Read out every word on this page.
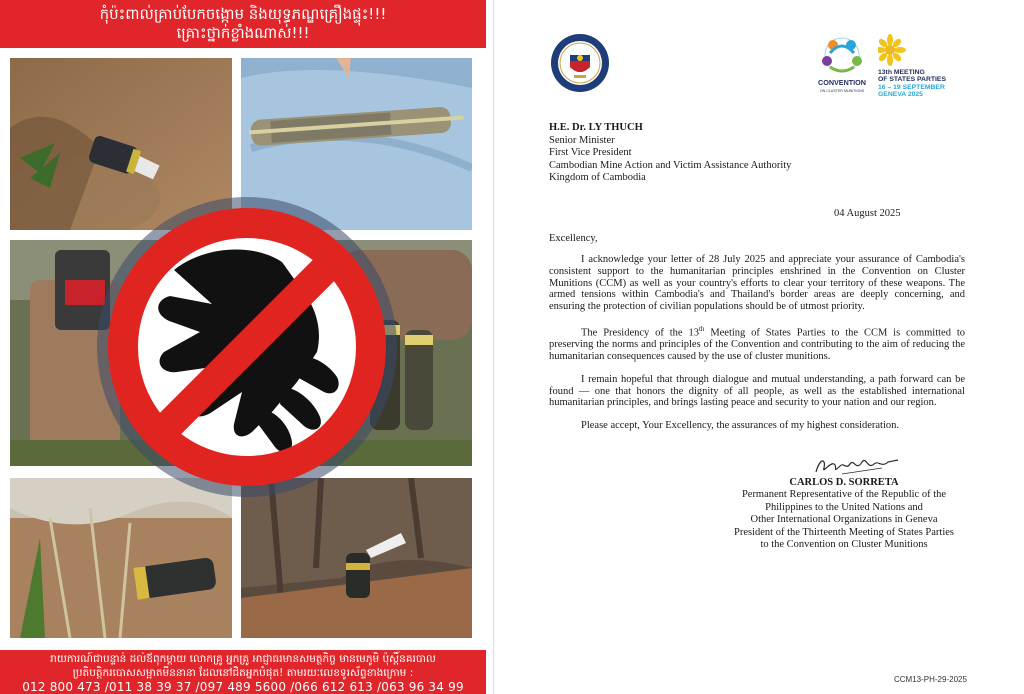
កុំប៉ះពាល់គ្រាប់បែកចង្កោម និងយុទ្ធភណ្ឌគ្រឿងផ្ទុះ!!!
គ្រោះថ្នាក់ខ្លាំងណាស់!!!
រាយការណ៍ជាបន្ទាន់ ដល់ឪពុកម្តាយ លោកគ្រូ អ្នកគ្រូ អាជ្ញាធរមានសមត្ថកិច្ច មានមេភូមិ ប៉ុស្តិ៍នគរបាល
ប្រតិបត្តិករបោសសម្អាតមីននានា ដែលនៅជិតអ្នកបំផុត! តាមរយៈលេខទូរស័ព្ទខាងក្រោម :
012 800 473 /011 38 39 37 /097 489 5600 /066 612 613 /063 96 34 99
CONVENTION
ON CLUSTER MUNITIONS
13th MEETING
OF STATES PARTIES
16 – 19 SEPTEMBER
GENEVA 2025
H.E. Dr. LY THUCH
Senior Minister
First Vice President
Cambodian Mine Action and Victim Assistance Authority
Kingdom of Cambodia
04 August 2025
Excellency,

I acknowledge your letter of 28 July 2025 and appreciate your assurance of Cambodia's consistent support to the humanitarian principles enshrined in the Convention on Cluster Munitions (CCM) as well as your country's efforts to clear your territory of these weapons. The armed tensions within Cambodia's and Thailand's border areas are deeply concerning, and ensuring the protection of civilian populations should be of utmost priority.

The Presidency of the 13th Meeting of States Parties to the CCM is committed to preserving the norms and principles of the Convention and contributing to the aim of reducing the humanitarian consequences caused by the use of cluster munitions.

I remain hopeful that through dialogue and mutual understanding, a path forward can be found — one that honors the dignity of all people, as well as the established international humanitarian principles, and brings lasting peace and security to your nation and our region.

Please accept, Your Excellency, the assurances of my highest consideration.

CARLOS D. SORRETA
Permanent Representative of the Republic of the
Philippines to the United Nations and
Other International Organizations in Geneva
President of the Thirteenth Meeting of States Parties
to the Convention on Cluster Munitions
CCM13-PH-29-2025
